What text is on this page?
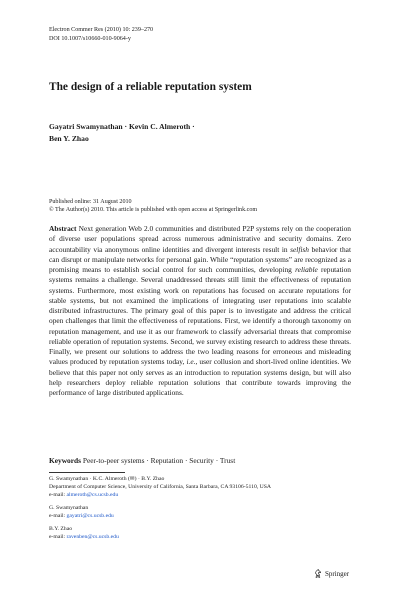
Electron Commer Res (2010) 10: 239–270
DOI 10.1007/s10660-010-9064-y
The design of a reliable reputation system
Gayatri Swamynathan · Kevin C. Almeroth ·
Ben Y. Zhao
Published online: 31 August 2010
© The Author(s) 2010. This article is published with open access at Springerlink.com
Abstract Next generation Web 2.0 communities and distributed P2P systems rely on the cooperation of diverse user populations spread across numerous administrative and security domains. Zero accountability via anonymous online identities and divergent interests result in selfish behavior that can disrupt or manipulate networks for personal gain. While “reputation systems” are recognized as a promising means to establish social control for such communities, developing reliable reputation systems remains a challenge. Several unaddressed threats still limit the effectiveness of reputation systems. Furthermore, most existing work on reputations has focused on accurate reputations for stable systems, but not examined the implications of integrating user reputations into scalable distributed infrastructures. The primary goal of this paper is to investigate and address the critical open challenges that limit the effectiveness of reputations. First, we identify a thorough taxonomy on reputation management, and use it as our framework to classify adversarial threats that compromise reliable operation of reputation systems. Second, we survey existing research to address these threats. Finally, we present our solutions to address the two leading reasons for erroneous and misleading values produced by reputation systems today, i.e., user collusion and short-lived online identities. We believe that this paper not only serves as an introduction to reputation systems design, but will also help researchers deploy reliable reputation solutions that contribute towards improving the performance of large distributed applications.
Keywords Peer-to-peer systems · Reputation · Security · Trust
G. Swamynathan · K.C. Almeroth (✉) · B.Y. Zhao
Department of Computer Science, University of California, Santa Barbara, CA 93106-5110, USA
e-mail: almeroth@cs.ucsb.edu
G. Swamynathan
e-mail: gayatri@cs.ucsb.edu
B.Y. Zhao
e-mail: ravenben@cs.ucsb.edu
Springer
